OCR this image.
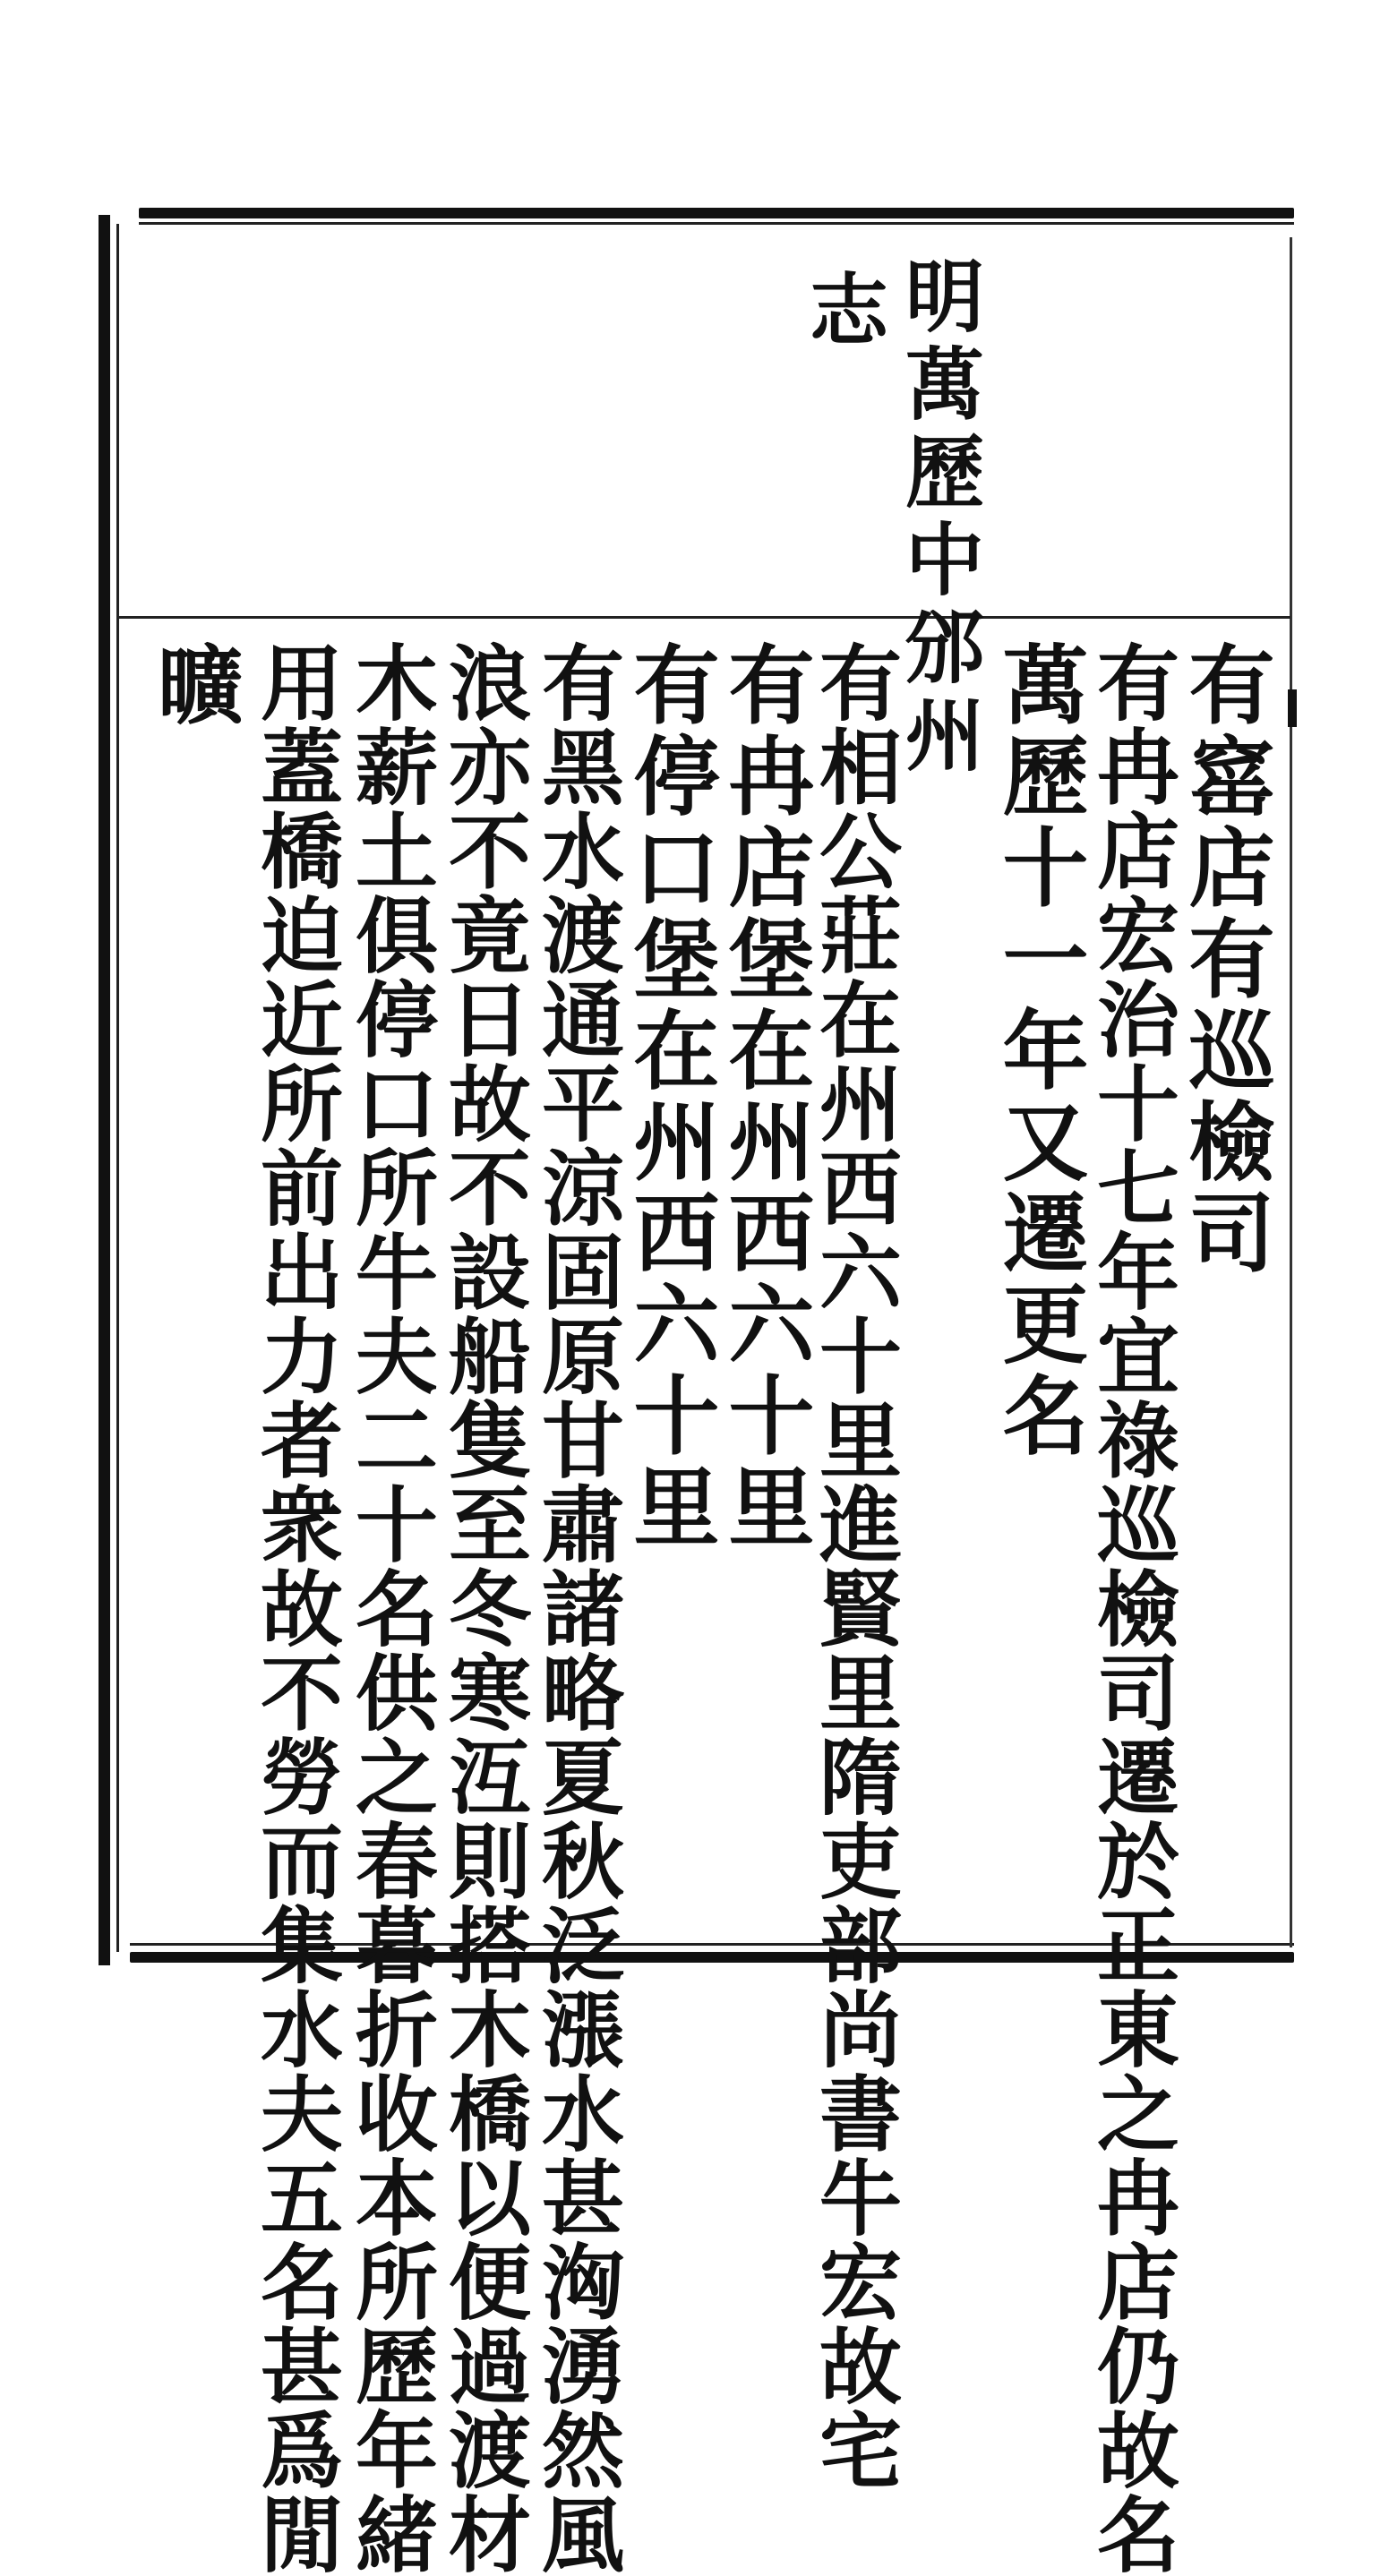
明萬歷中邠州
志
有窰店有巡檢司
有冉店宏治十七年宜祿巡檢司遷於正東之冉店仍故名
萬歷十一年又遷更名
有相公莊在州西六十里進賢里隋吏部尚書牛宏故宅
有冉店堡在州西六十里
有停口堡在州西六十里
有黑水渡通平涼固原甘肅諸略夏秋泛漲水甚洶湧然風
浪亦不竟日故不設船隻至冬寒沍則搭木橋以便過渡材
木薪土俱停口所牛夫二十名供之春暮折收本所歷年緒
用蓋橋迫近所前出力者衆故不勞而集水夫五名甚爲閒
曠
